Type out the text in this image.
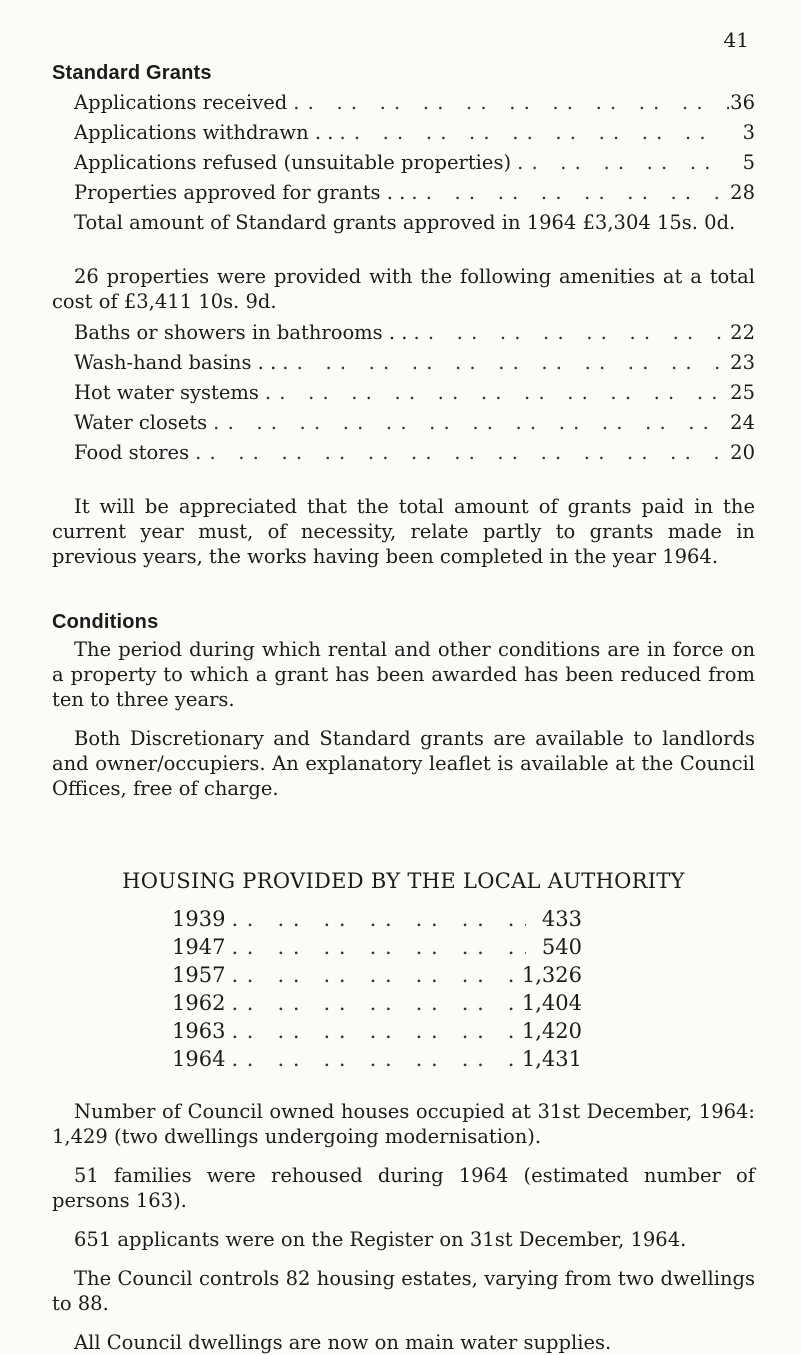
41
Standard Grants
Applications received . .	36
Applications withdrawn . . . .	3
Applications refused (unsuitable properties) . .	5
Properties approved for grants . . . .	28
Total amount of Standard grants approved in 1964 £3,304 15s. 0d.

26 properties were provided with the following amenities at a total cost of £3,411 10s. 9d.

Baths or showers in bathrooms . . . .	22
Wash-hand basins . . . .	23
Hot water systems . .	25
Water closets . .	24
Food stores . .	20

It will be appreciated that the total amount of grants paid in the current year must, of necessity, relate partly to grants made in previous years, the works having been completed in the year 1964.

Conditions

The period during which rental and other conditions are in force on a property to which a grant has been awarded has been reduced from ten to three years.

Both Discretionary and Standard grants are available to landlords and owner/occupiers. An explanatory leaflet is available at the Council Offices, free of charge.

HOUSING PROVIDED BY THE LOCAL AUTHORITY
1939 . .	433
1947 . .	540
1957 . .	1,326
1962 . .	1,404
1963 . .	1,420
1964 . .	1,431

Number of Council owned houses occupied at 31st December, 1964: 1,429 (two dwellings undergoing modernisation).

51 families were rehoused during 1964 (estimated number of persons 163).

651 applicants were on the Register on 31st December, 1964.

The Council controls 82 housing estates, varying from two dwellings to 88.

All Council dwellings are now on main water supplies.
